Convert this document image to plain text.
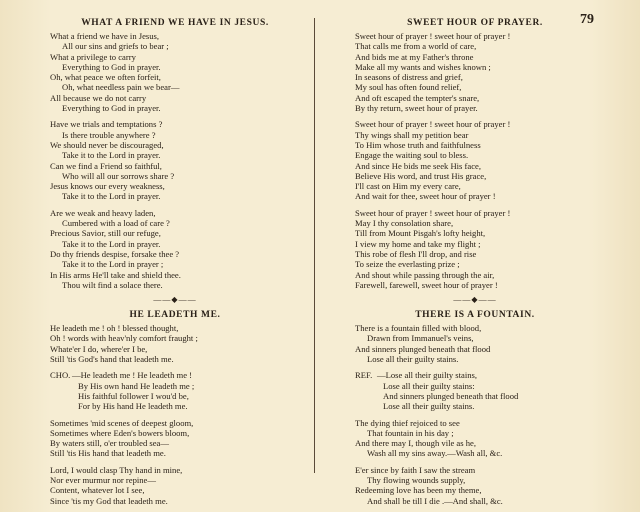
79
WHAT A FRIEND WE HAVE IN JESUS.
What a friend we have in Jesus,
All our sins and griefs to bear ;
What a privilege to carry
Everything to God in prayer.
Oh, what peace we often forfeit,
Oh, what needless pain we bear—
All because we do not carry
Everything to God in prayer.
Have we trials and temptations ?
Is there trouble anywhere ?
We should never be discouraged,
Take it to the Lord in prayer.
Can we find a Friend so faithful,
Who will all our sorrows share ?
Jesus knows our every weakness,
Take it to the Lord in prayer.
Are we weak and heavy laden,
Cumbered with a load of care ?
Precious Savior, still our refuge,
Take it to the Lord in prayer.
Do thy friends despise, forsake thee ?
Take it to the Lord in prayer ;
In His arms He'll take and shield thee.
Thou wilt find a solace there.
——◆——
HE LEADETH ME.
He leadeth me ! oh ! blessed thought,
Oh ! words with heav'nly comfort fraught ;
Whate'er I do, where'er I be,
Still 'tis God's hand that leadeth me.
CHO. —He leadeth me ! He leadeth me !
By His own hand He leadeth me ;
His faithful follower I wou'd be,
For by His hand He leadeth me.
Sometimes 'mid scenes of deepest gloom,
Sometimes where Eden's bowers bloom,
By waters still, o'er troubled sea—
Still 'tis His hand that leadeth me.
Lord, I would clasp Thy hand in mine,
Nor ever murmur nor repine—
Content, whatever lot I see,
Since 'tis my God that leadeth me.
SWEET HOUR OF PRAYER.
Sweet hour of prayer ! sweet hour of prayer !
That calls me from a world of care,
And bids me at my Father's throne
Make all my wants and wishes known ;
In seasons of distress and grief,
My soul has often found relief,
And oft escaped the tempter's snare,
By thy return, sweet hour of prayer.
Sweet hour of prayer ! sweet hour of prayer !
Thy wings shall my petition bear
To Him whose truth and faithfulness
Engage the waiting soul to bless.
And since He bids me seek His face,
Believe His word, and trust His grace,
I'll cast on Him my every care,
And wait for thee, sweet hour of prayer !
Sweet hour of prayer ! sweet hour of prayer !
May I thy consolation share,
Till from Mount Pisgah's lofty height,
I view my home and take my flight ;
This robe of flesh I'll drop, and rise
To seize the everlasting prize ;
And shout while passing through the air,
Farewell, farewell, sweet hour of prayer !
——◆——
THERE IS A FOUNTAIN.
There is a fountain filled with blood,
Drawn from Immanuel's veins,
And sinners plunged beneath that flood
Lose all their guilty stains.
REF. —Lose all their guilty stains,
Lose all their guilty stains:
And sinners plunged beneath that flood
Lose all their guilty stains.
The dying thief rejoiced to see
That fountain in his day ;
And there may I, though vile as he,
Wash all my sins away.—Wash all, &c.
E'er since by faith I saw the stream
Thy flowing wounds supply,
Redeeming love has been my theme,
And shall be till I die .—And shall, &c.
